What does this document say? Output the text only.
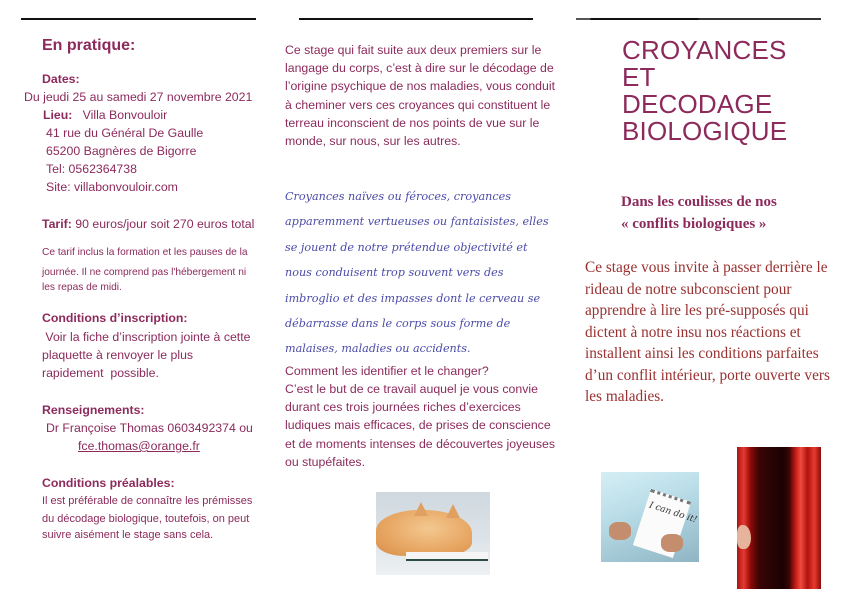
En pratique:
Dates:
Du jeudi 25 au samedi 27 novembre 2021
Lieu: Villa Bonvouloir
41 rue du Général De Gaulle
65200 Bagnères de Bigorre
Tel: 0562364738
Site: villabonvouloir.com
Tarif: 90 euros/jour soit 270 euros total
Ce tarif inclus la formation et les pauses de la
journée. Il ne comprend pas l'hébergement ni
les repas de midi.
Conditions d’inscription:
Voir la fiche d’inscription jointe à cette
plaquette à renvoyer le plus
rapidement  possible.
Renseignements:
Dr Françoise Thomas 0603492374 ou
fce.thomas@orange.fr
Conditions préalables:
Il est préférable de connaître les prémisses
du décodage biologique, toutefois, on peut
suivre aisément le stage sans cela.

Ce stage qui fait suite aux deux premiers sur le langage du corps, c’est à dire sur le décodage de l’origine psychique de nos maladies, vous conduit à cheminer vers ces croyances qui constituent le terreau inconscient de nos points de vue sur le monde, sur nous, sur les autres.

Croyances naïves ou féroces, croyances apparemment vertueuses ou fantaisistes, elles se jouent de notre prétendue objectivité et nous conduisent trop souvent vers des imbroglio et des impasses dont le cerveau se débarrasse dans le corps sous forme de malaises, maladies ou accidents.

Comment les identifier et le changer?

C’est le but de ce travail auquel je vous convie durant ces trois journées riches d’exercices ludiques mais efficaces, de prises de conscience et de moments intenses de découvertes joyeuses ou stupéfaites.

CROYANCES
ET
DECODAGE
BIOLOGIQUE
Dans les coulisses de nos
« conflits biologiques »

Ce stage vous invite à passer derrière le rideau de notre subconscient pour apprendre à lire les pré-supposés qui dictent à notre insu nos réactions et installent ainsi les conditions parfaites d’un conflit intérieur, porte ouverte vers les maladies.

I can do it!
